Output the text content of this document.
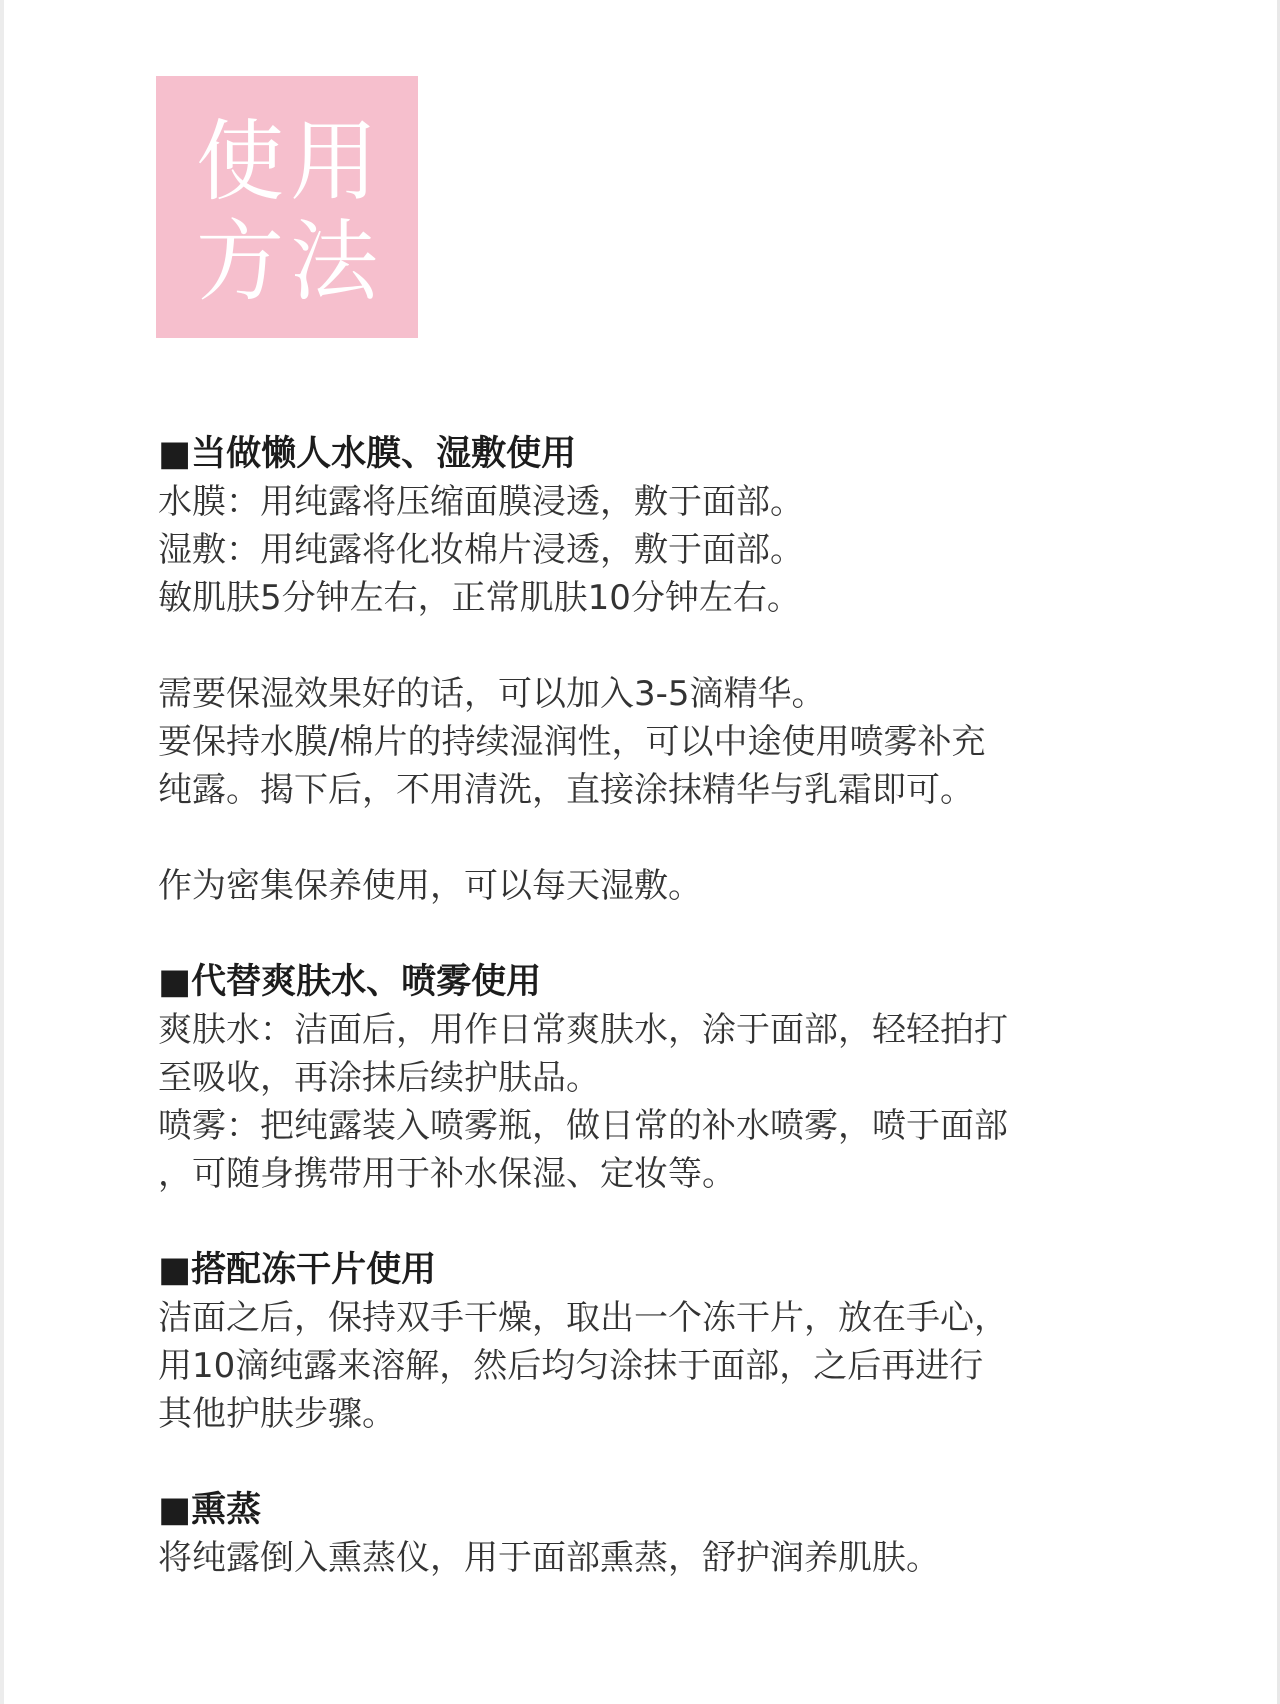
使用
方法

■当做懒人水膜、湿敷使用

水膜：用纯露将压缩面膜浸透，敷于面部。
湿敷：用纯露将化妆棉片浸透，敷于面部。
敏肌肤5分钟左右，正常肌肤10分钟左右。

需要保湿效果好的话，可以加入3-5滴精华。
要保持水膜/棉片的持续湿润性，可以中途使用喷雾补充
纯露。揭下后，不用清洗，直接涂抹精华与乳霜即可。

作为密集保养使用，可以每天湿敷。

■代替爽肤水、喷雾使用

爽肤水：洁面后，用作日常爽肤水，涂于面部，轻轻拍打
至吸收，再涂抹后续护肤品。
喷雾：把纯露装入喷雾瓶，做日常的补水喷雾，喷于面部
，可随身携带用于补水保湿、定妆等。

■搭配冻干片使用

洁面之后，保持双手干燥，取出一个冻干片，放在手心，
用10滴纯露来溶解，然后均匀涂抹于面部，之后再进行
其他护肤步骤。

■熏蒸

将纯露倒入熏蒸仪，用于面部熏蒸，舒护润养肌肤。
